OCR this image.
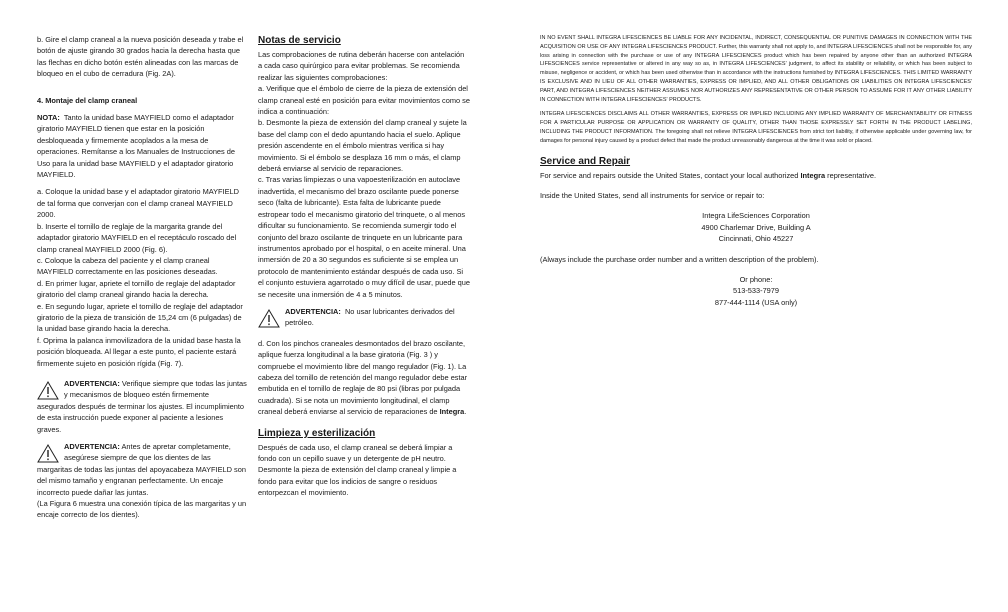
b. Gire el clamp craneal a la nueva posición deseada y trabe el botón de ajuste girando 30 grados hacia la derecha hasta que las flechas en dicho botón estén alineadas con las marcas de bloqueo en el cubo de cerradura (Fig. 2A).

4. Montaje del clamp craneal

NOTA: Tanto la unidad base MAYFIELD como el adaptador giratorio MAYFIELD tienen que estar en la posición desbloqueada y firmemente acoplados a la mesa de operaciones. Remítanse a los Manuales de Instrucciones de Uso para la unidad base MAYFIELD y el adaptador giratorio MAYFIELD.

a. Coloque la unidad base y el adaptador giratorio MAYFIELD de tal forma que converjan con el clamp craneal MAYFIELD 2000.

b. Inserte el tornillo de reglaje de la margarita grande del adaptador giratorio MAYFIELD en el receptáculo roscado del clamp craneal MAYFIELD 2000 (Fig. 6).

c. Coloque la cabeza del paciente y el clamp craneal MAYFIELD correctamente en las posiciones deseadas.

d. En primer lugar, apriete el tornillo de reglaje del adaptador giratorio del clamp craneal girando hacia la derecha.

e. En segundo lugar, apriete el tornillo de reglaje del adaptador giratorio de la pieza de transición de 15,24 cm (6 pulgadas) de la unidad base girando hacia la derecha.

f. Oprima la palanca inmovilizadora de la unidad base hasta la posición bloqueada. Al llegar a este punto, el paciente estará firmemente sujeto en posición rígida (Fig. 7).

ADVERTENCIA: Verifique siempre que todas las juntas y mecanismos de bloqueo estén firmemente asegurados después de terminar los ajustes. El incumplimiento de esta instrucción puede exponer al paciente a lesiones graves.
ADVERTENCIA: Antes de apretar completamente, asegúrese siempre de que los dientes de las margaritas de todas las juntas del apoyacabeza MAYFIELD son del mismo tamaño y engranan perfectamente. Un encaje incorrecto puede dañar las juntas.

(La Figura 6 muestra una conexión típica de las margaritas y un encaje correcto de los dientes).

Notas de servicio

Las comprobaciones de rutina deberán hacerse con antelación a cada caso quirúrgico para evitar problemas. Se recomienda realizar las siguientes comprobaciones:

a. Verifique que el émbolo de cierre de la pieza de extensión del clamp craneal esté en posición para evitar movimientos como se indica a continuación:

b. Desmonte la pieza de extensión del clamp craneal y sujete la base del clamp con el dedo apuntando hacia el suelo. Aplique presión ascendente en el émbolo mientras verifica si hay movimiento. Si el émbolo se desplaza 16 mm o más, el clamp deberá enviarse al servicio de reparaciones.

c. Tras varias limpiezas o una vapoesterilización en autoclave inadvertida, el mecanismo del brazo oscilante puede ponerse seco (falta de lubricante). Esta falta de lubricante puede estropear todo el mecanismo giratorio del trinquete, o al menos dificultar su funcionamiento. Se recomienda sumergir todo el conjunto del brazo oscilante de trinquete en un lubricante para instrumentos aprobado por el hospital, o en aceite mineral. Una inmersión de 20 a 30 segundos es suficiente si se emplea un protocolo de mantenimiento estándar después de cada uso. Si el conjunto estuviera agarrotado o muy difícil de usar, puede que se necesite una inmersión de 4 a 5 minutos.

ADVERTENCIA: No usar lubricantes derivados del petróleo.

d. Con los pinchos craneales desmontados del brazo oscilante, aplique fuerza longitudinal a la base giratoria (Fig. 3 ) y compruebe el movimiento libre del mango regulador (Fig. 1). La cabeza del tornillo de retención del mango regulador debe estar embutida en el tornillo de reglaje de 80 psi (libras por pulgada cuadrada). Si se nota un movimiento longitudinal, el clamp craneal deberá enviarse al servicio de reparaciones de Integra.

Limpieza y esterilización

Después de cada uso, el clamp craneal se deberá limpiar a fondo con un cepillo suave y un detergente de pH neutro. Desmonte la pieza de extensión del clamp craneal y limpie a fondo para evitar que los indicios de sangre o residuos entorpezcan el movimiento.

IN NO EVENT SHALL INTEGRA LIFESCIENCES BE LIABLE FOR ANY INCIDENTAL, INDIRECT, CONSEQUENTIAL OR PUNITIVE DAMAGES IN CONNECTION WITH THE ACQUISITION OR USE OF ANY INTEGRA LIFESCIENCES PRODUCT. Further, this warranty shall not apply to, and INTEGRA LIFESCIENCES shall not be responsible for, any loss arising in connection with the purchase or use of any INTEGRA LIFESCIENCES product which has been repaired by anyone other than an authorized INTEGRA LIFESCIENCES service representative or altered in any way so as, in INTEGRA LIFESCIENCES' judgment, to affect its stability or reliability, or which has been subject to misuse, negligence or accident, or which has been used otherwise than in accordance with the instructions furnished by INTEGRA LIFESCIENCES. THIS LIMITED WARRANTY IS EXCLUSIVE AND IN LIEU OF ALL OTHER WARRANTIES, EXPRESS OR IMPLIED, AND ALL OTHER OBLIGATIONS OR LIABILITIES ON INTEGRA LIFESCIENCES' PART, AND INTEGRA LIFESCIENCES NEITHER ASSUMES NOR AUTHORIZES ANY REPRESENTATIVE OR OTHER PERSON TO ASSUME FOR IT ANY OTHER LIABILITY IN CONNECTION WITH INTEGRA LIFESCIENCES' PRODUCTS.

INTEGRA LIFESCIENCES DISCLAIMS ALL OTHER WARRANTIES, EXPRESS OR IMPLIED INCLUDING ANY IMPLIED WARRANTY OF MERCHANTABILITY OR FITNESS FOR A PARTICULAR PURPOSE OR APPLICATION OR WARRANTY OF QUALITY, OTHER THAN THOSE EXPRESSLY SET FORTH IN THE PRODUCT LABELING, INCLUDING THE PRODUCT INFORMATION. The foregoing shall not relieve INTEGRA LIFESCIENCES from strict tort liability, if otherwise applicable under governing law, for damages for personal injury caused by a product defect that made the product unreasonably dangerous at the time it was sold or placed.

Service and Repair

For service and repairs outside the United States, contact your local authorized Integra representative.

Inside the United States, send all instruments for service or repair to:

Integra LifeSciences Corporation

4900 Charlemar Drive, Building A

Cincinnati, Ohio 45227

(Always include the purchase order number and a written description of the problem).

Or phone:

513-533-7979

877-444-1114 (USA only)
